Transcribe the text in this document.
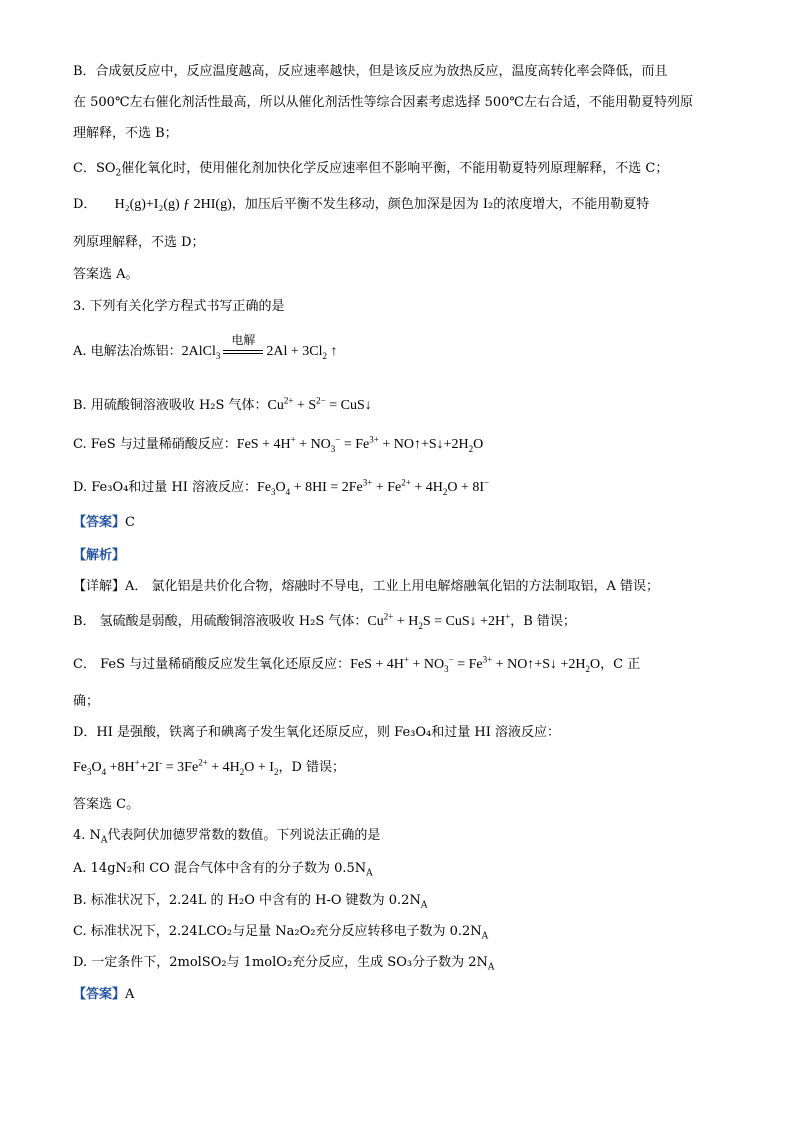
B．合成氨反应中，反应温度越高，反应速率越快，但是该反应为放热反应，温度高转化率会降低，而且
在 500℃左右催化剂活性最高，所以从催化剂活性等综合因素考虑选择 500℃左右合适，不能用勒夏特列原
理解释，不选 B；
C．$SO_2$催化氧化时，使用催化剂加快化学反应速率但不影响平衡，不能用勒夏特列原理解释，不选 C；
D． H₂(g)+I₂(g) ƒ 2HI(g)，加压后平衡不发生移动，颜色加深是因为 I₂的浓度增大，不能用勒夏特
列原理解释，不选 D；
答案选 A。
3. 下列有关化学方程式书写正确的是
A. 电解法冶炼铝：2AlCl$_3$
电解
$2Al + 3Cl_2$ ↑
B. 用硫酸铜溶液吸收 H₂S 气体：$Cu^{2+} + S^{2-}$ = CuS↓
C. FeS 与过量稀硝酸反应：FeS + $4H^+ + NO_3^- = Fe^{3+}$ + $NO↑+S↓+2H_2O$
D. Fe₃O₄和过量 HI 溶液反应：$Fe_3O_4 + 8HI = 2Fe^{3+} + Fe^{2+} + 4H_2O + 8I^-$
【答案】C
【解析】
【详解】A． 氯化铝是共价化合物，熔融时不导电，工业上用电解熔融氧化铝的方法制取铝，A 错误；
B． 氢硫酸是弱酸，用硫酸铜溶液吸收 H₂S 气体：$Cu^{2+} + H_2S$ = CuS↓ +2H+，B 错误；
C． FeS 与过量稀硝酸反应发生氧化还原反应：FeS + $4H^+ + NO_3^- = Fe^{3+}$ + NO↑+S↓ $+2H_2O$，C 正
确；
D．HI 是强酸，铁离子和碘离子发生氧化还原反应，则 Fe₃O₄和过量 HI 溶液反应：
$Fe_3O_4 +8H^++2I^- = 3Fe^{2+} + 4H_2O + I_2$，D 错误；
答案选 C。
4. $N_A$代表阿伏加德罗常数的数值。下列说法正确的是
A. 14gN₂和 CO 混合气体中含有的分子数为 $0.5N_A$
B. 标准状况下，2.24L 的 H₂O 中含有的 H-O 键数为 $0.2N_A$
C. 标准状况下，2.24LCO₂与足量 Na₂O₂充分反应转移电子数为 $0.2N_A$
D. 一定条件下，2molSO₂与 1molO₂充分反应，生成 SO₃分子数为 $2N_A$
【答案】A
